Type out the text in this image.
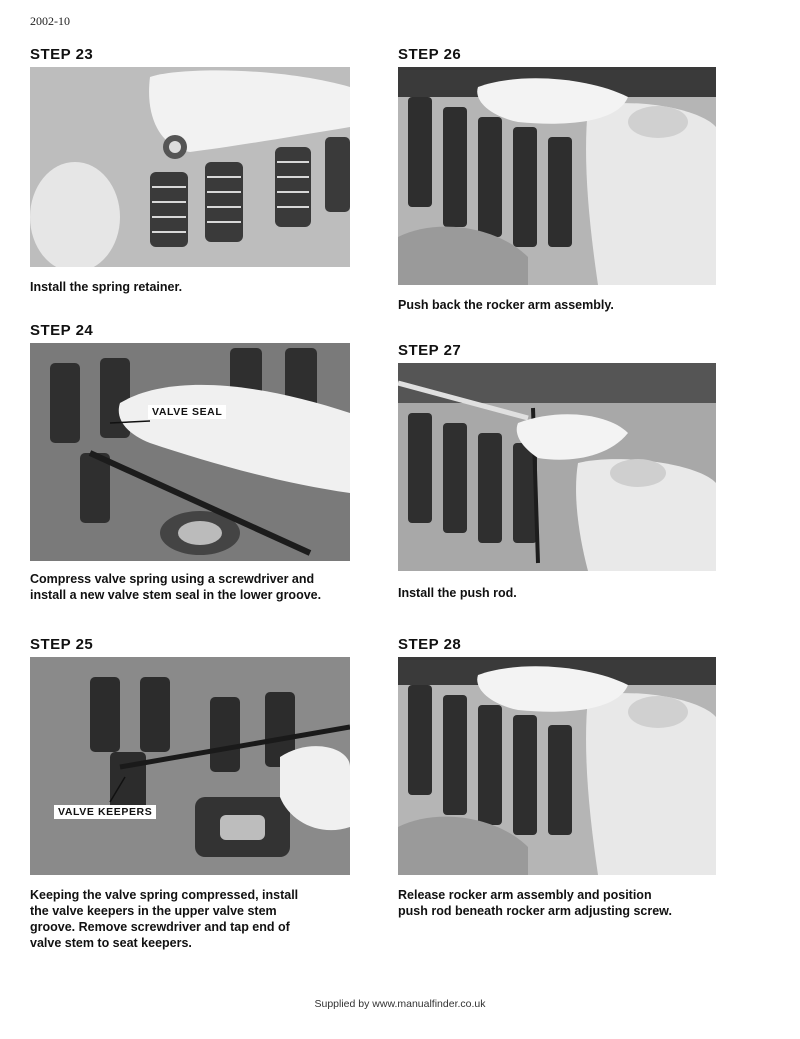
2002-10
STEP 23
Install the spring retainer.
STEP 24
VALVE SEAL
Compress valve spring using a screwdriver and
install a new valve stem seal in the lower groove.
STEP 25
VALVE KEEPERS
Keeping the valve spring compressed, install
the valve keepers in the upper valve stem
groove. Remove screwdriver and tap end of
valve stem to seat keepers.
STEP 26
Push back the rocker arm assembly.
STEP 27
Install the push rod.
STEP 28
Release rocker arm assembly and position
push rod beneath rocker arm adjusting screw.
Supplied by www.manualfinder.co.uk
